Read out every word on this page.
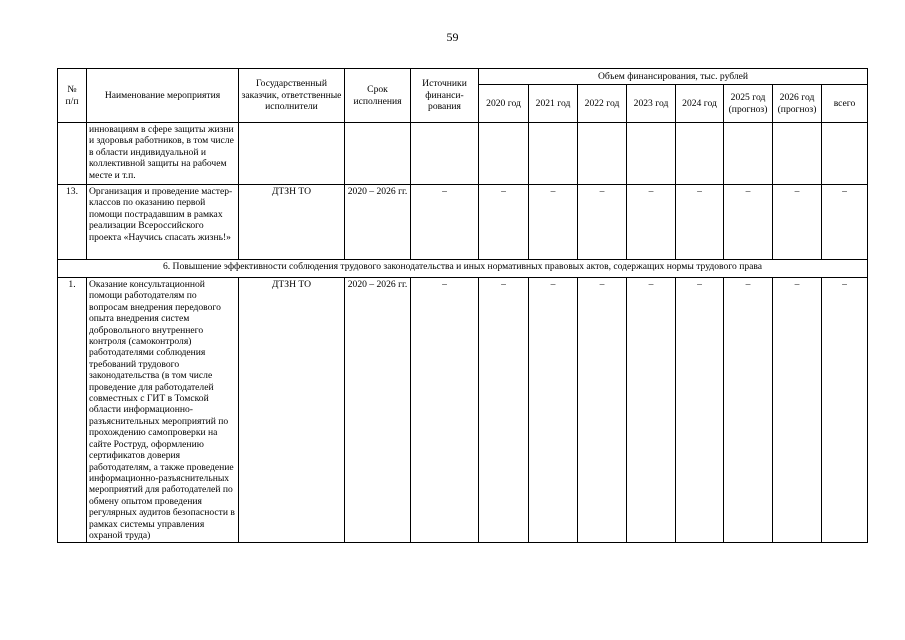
59
№
п/п	Наименование мероприятия	Государственный заказчик, ответственные исполнители	Срок исполнения	Источники финанси-рования	Объем финансирования, тыс. рублей							
					2020 год	2021 год	2022 год	2023 год	2024 год	2025 год (прогноз)	2026 год (прогноз)	всего
	инновациям в сфере защиты жизни и здоровья работников, в том числе в области индивидуальной и коллективной защиты на рабочем месте и т.п.											
13.	Организация и проведение мастер-классов по оказанию первой помощи пострадавшим в рамках реализации Всероссийского проекта «Научись спасать жизнь!»	ДТЗН ТО	2020 – 2026 гг.	–	–	–	–	–	–	–	–	–
6. Повышение эффективности соблюдения трудового законодательства и иных нормативных правовых актов, содержащих нормы трудового права												
1.	Оказание консультационной помощи работодателям по вопросам внедрения передового опыта внедрения систем добровольного внутреннего контроля (самоконтроля) работодателями соблюдения требований трудового законодательства (в том числе проведение для работодателей совместных с ГИТ в Томской области информационно-разъяснительных мероприятий по прохождению самопроверки на сайте Роструд, оформлению сертификатов доверия работодателям, а также проведение информационно-разъяснительных мероприятий для работодателей по обмену опытом проведения регулярных аудитов безопасности в рамках системы управления охраной труда)	ДТЗН ТО	2020 – 2026 гг.	–	–	–	–	–	–	–	–	–
